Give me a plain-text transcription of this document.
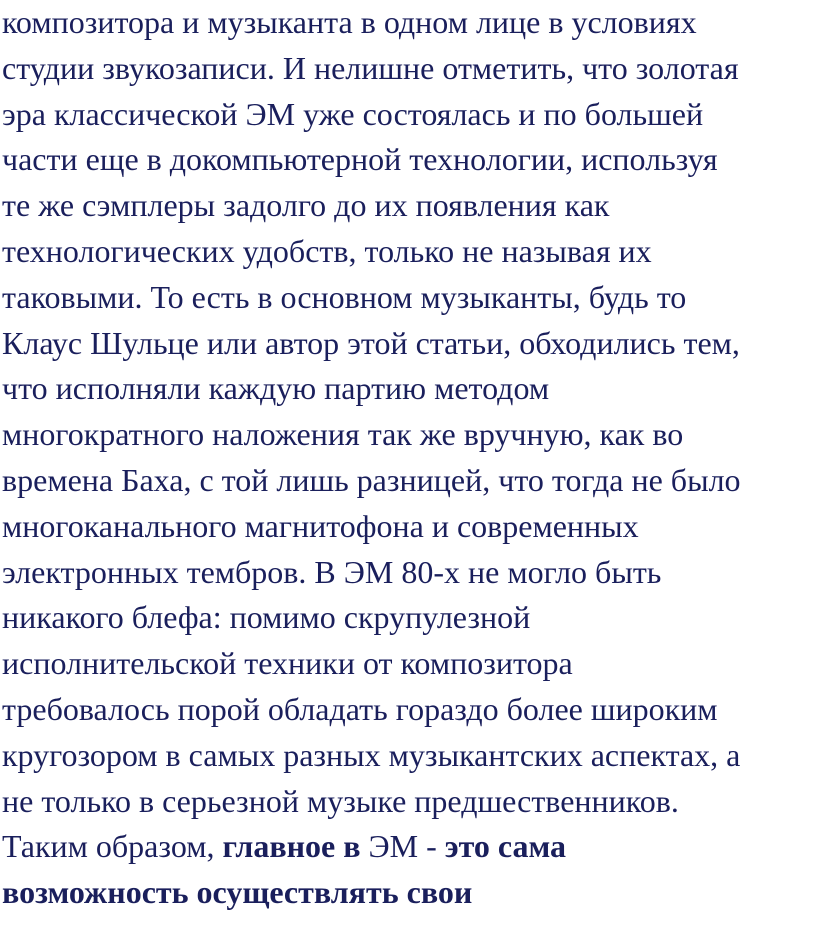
композитора и музыканта в одном лице в условиях
студии звукозаписи. И нелишне отметить, что золотая
эра классической ЭМ уже состоялась и по большей
части еще в докомпьютерной технологии, используя
те же сэмплеры задолго до их появления как
технологических удобств, только не называя их
таковыми. То есть в основном музыканты, будь то
Клаус Шульце или автор этой статьи, обходились тем,
что исполняли каждую партию методом
многократного наложения так же вручную, как во
времена Баха, с той лишь разницей, что тогда не было
многоканального магнитофона и современных
электронных тембров. В ЭМ 80-х не могло быть
никакого блефа: помимо скрупулезной
исполнительской техники от композитора
требовалось порой обладать гораздо более широким
кругозором в самых разных музыкантских аспектах, а
не только в серьезной музыке предшественников.
Таким образом, главное в ЭМ - это сама
возможность осуществлять свои
